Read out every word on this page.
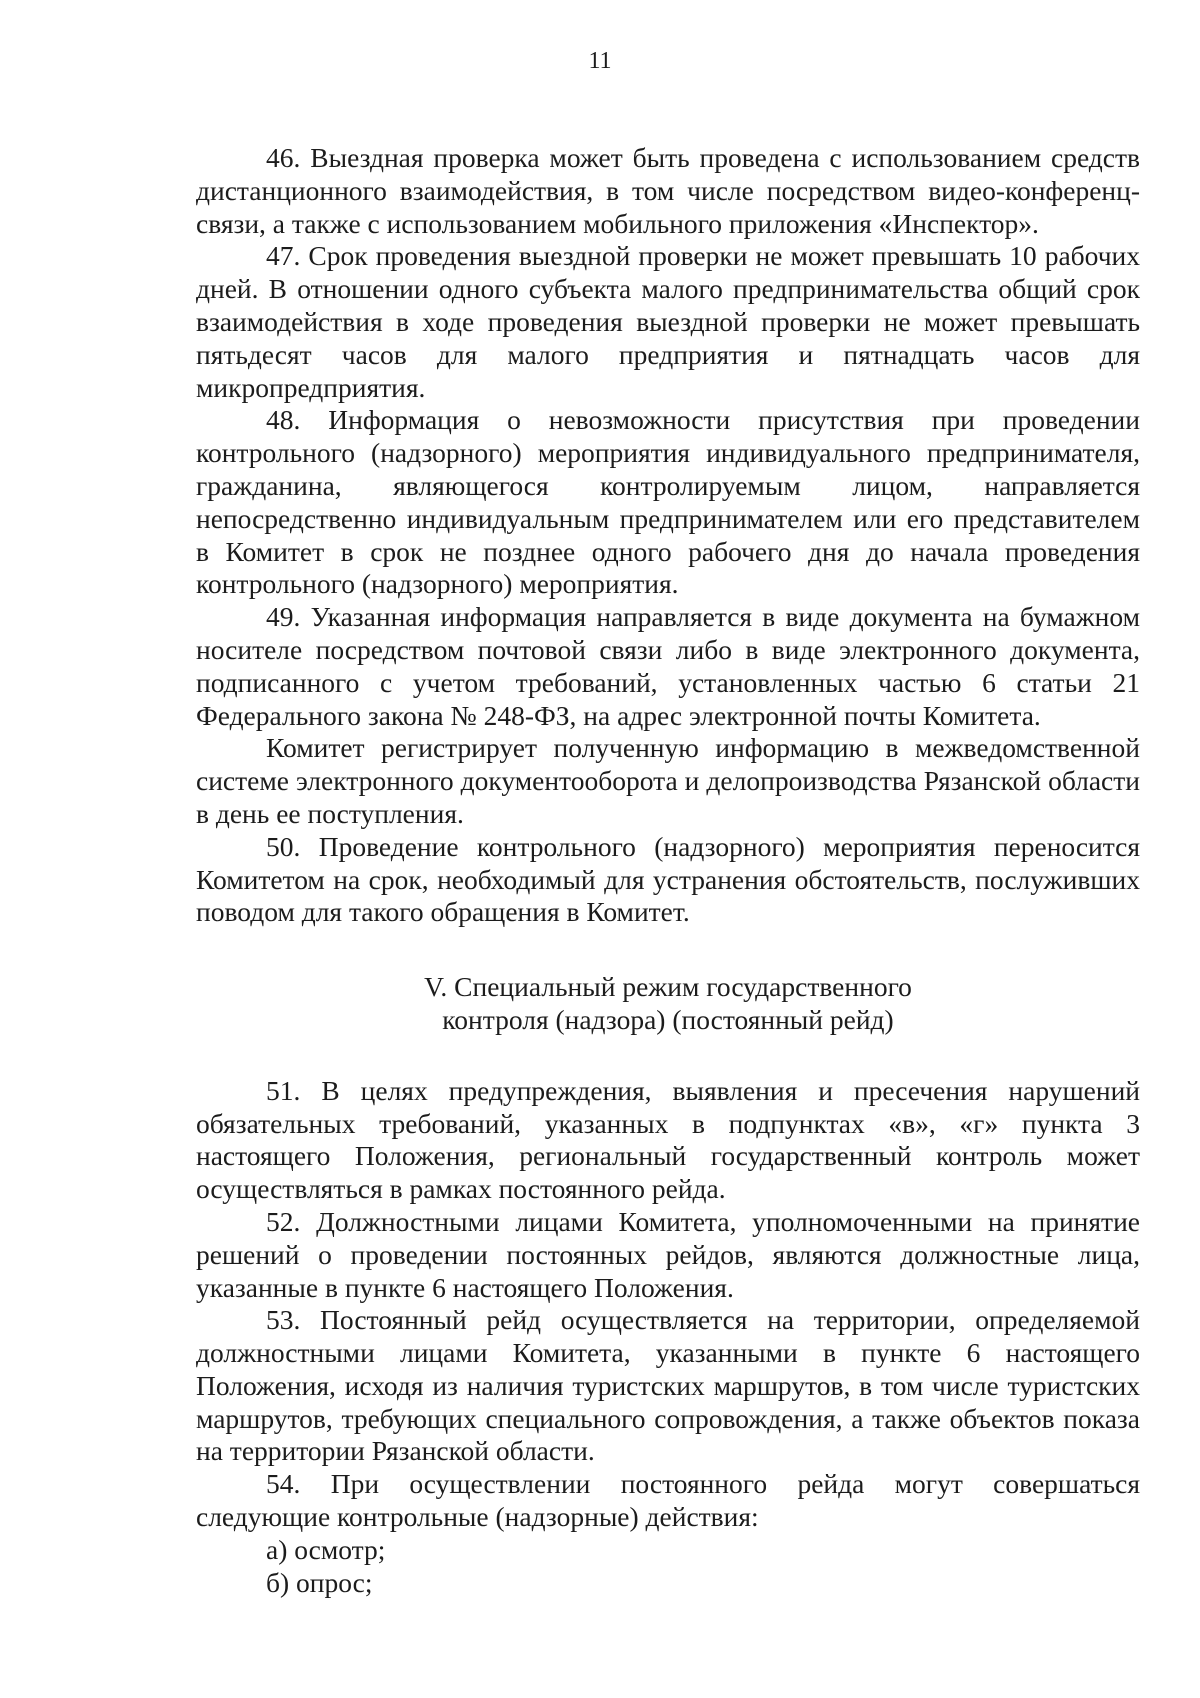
11

46. Выездная проверка может быть проведена с использованием средств дистанционного взаимодействия, в том числе посредством видео-конференц-связи, а также с использованием мобильного приложения «Инспектор».

47. Срок проведения выездной проверки не может превышать 10 рабочих дней. В отношении одного субъекта малого предпринимательства общий срок взаимодействия в ходе проведения выездной проверки не может превышать пятьдесят часов для малого предприятия и пятнадцать часов для микропредприятия.

48. Информация о невозможности присутствия при проведении контрольного (надзорного) мероприятия индивидуального предпринимателя, гражданина, являющегося контролируемым лицом, направляется непосредственно индивидуальным предпринимателем или его представителем в Комитет в срок не позднее одного рабочего дня до начала проведения контрольного (надзорного) мероприятия.

49. Указанная информация направляется в виде документа на бумажном носителе посредством почтовой связи либо в виде электронного документа, подписанного с учетом требований, установленных частью 6 статьи 21 Федерального закона № 248-ФЗ, на адрес электронной почты Комитета.

Комитет регистрирует полученную информацию в межведомственной системе электронного документооборота и делопроизводства Рязанской области в день ее поступления.

50. Проведение контрольного (надзорного) мероприятия переносится Комитетом на срок, необходимый для устранения обстоятельств, послуживших поводом для такого обращения в Комитет.

V. Специальный режим государственного
контроля (надзора) (постоянный рейд)

51. В целях предупреждения, выявления и пресечения нарушений обязательных требований, указанных в подпунктах «в», «г» пункта 3 настоящего Положения, региональный государственный контроль может осуществляться в рамках постоянного рейда.

52. Должностными лицами Комитета, уполномоченными на принятие решений о проведении постоянных рейдов, являются должностные лица, указанные в пункте 6 настоящего Положения.

53. Постоянный рейд осуществляется на территории, определяемой должностными лицами Комитета, указанными в пункте 6 настоящего Положения, исходя из наличия туристских маршрутов, в том числе туристских маршрутов, требующих специального сопровождения, а также объектов показа на территории Рязанской области.

54. При осуществлении постоянного рейда могут совершаться следующие контрольные (надзорные) действия:

а) осмотр;

б) опрос;
